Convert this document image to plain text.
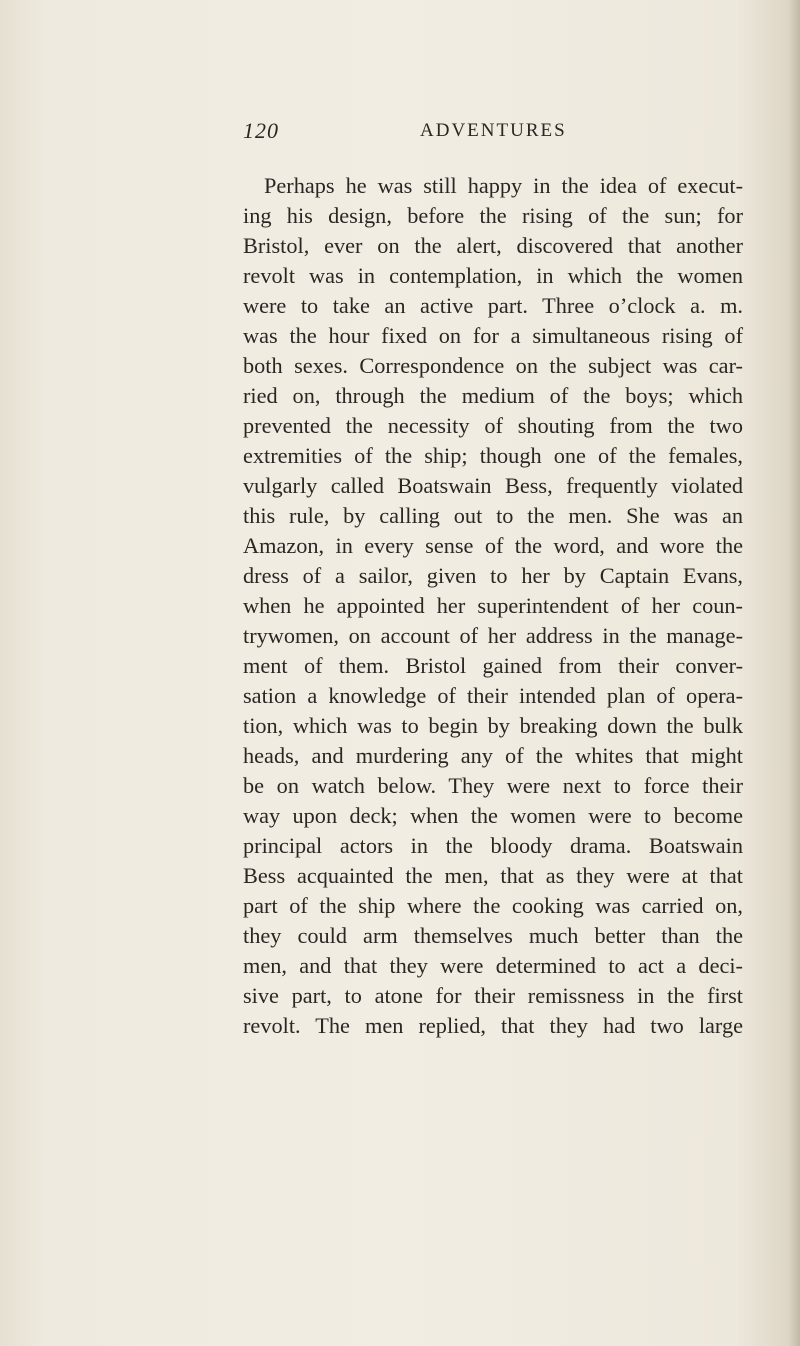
120	ADVENTURES
Perhaps he was still happy in the idea of execut-
ing his design, before the rising of the sun; for
Bristol, ever on the alert, discovered that another
revolt was in contemplation, in which the women
were to take an active part. Three o’clock a. m.
was the hour fixed on for a simultaneous rising of
both sexes. Correspondence on the subject was car-
ried on, through the medium of the boys; which
prevented the necessity of shouting from the two
extremities of the ship; though one of the females,
vulgarly called Boatswain Bess, frequently violated
this rule, by calling out to the men. She was an
Amazon, in every sense of the word, and wore the
dress of a sailor, given to her by Captain Evans,
when he appointed her superintendent of her coun-
trywomen, on account of her address in the manage-
ment of them. Bristol gained from their conver-
sation a knowledge of their intended plan of opera-
tion, which was to begin by breaking down the bulk
heads, and murdering any of the whites that might
be on watch below. They were next to force their
way upon deck; when the women were to become
principal actors in the bloody drama. Boatswain
Bess acquainted the men, that as they were at that
part of the ship where the cooking was carried on,
they could arm themselves much better than the
men, and that they were determined to act a deci-
sive part, to atone for their remissness in the first
revolt. The men replied, that they had two large
